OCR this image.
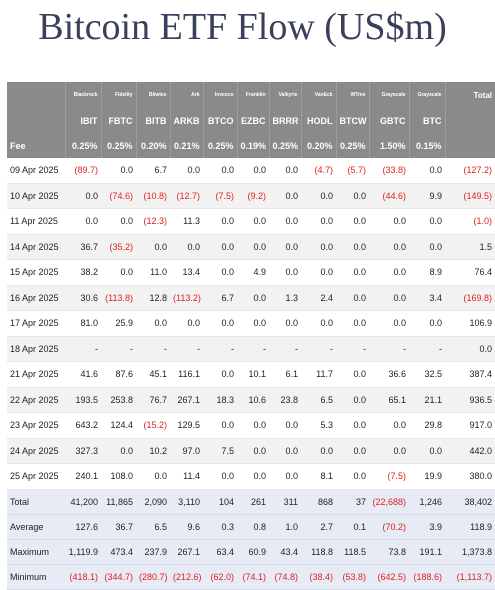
Bitcoin ETF Flow (US$m)
	Blackrock	Fidelity	Bitwise	Ark	Invesco	Franklin	Valkyrie	VanEck	WTree	Grayscale	Grayscale	Total
	IBIT	FBTC	BITB	ARKB	BTCO	EZBC	BRRR	HODL	BTCW	GBTC	BTC	
Fee	0.25%	0.25%	0.20%	0.21%	0.25%	0.19%	0.25%	0.20%	0.25%	1.50%	0.15%	
09 Apr 2025	(89.7)	0.0	6.7	0.0	0.0	0.0	0.0	(4.7)	(5.7)	(33.8)	0.0	(127.2)
10 Apr 2025	0.0	(74.6)	(10.8)	(12.7)	(7.5)	(9.2)	0.0	0.0	0.0	(44.6)	9.9	(149.5)
11 Apr 2025	0.0	0.0	(12.3)	11.3	0.0	0.0	0.0	0.0	0.0	0.0	0.0	(1.0)
14 Apr 2025	36.7	(35.2)	0.0	0.0	0.0	0.0	0.0	0.0	0.0	0.0	0.0	1.5
15 Apr 2025	38.2	0.0	11.0	13.4	0.0	4.9	0.0	0.0	0.0	0.0	8.9	76.4
16 Apr 2025	30.6	(113.8)	12.8	(113.2)	6.7	0.0	1.3	2.4	0.0	0.0	3.4	(169.8)
17 Apr 2025	81.0	25.9	0.0	0.0	0.0	0.0	0.0	0.0	0.0	0.0	0.0	106.9
18 Apr 2025	-	-	-	-	-	-	-	-	-	-	-	0.0
21 Apr 2025	41.6	87.6	45.1	116.1	0.0	10.1	6.1	11.7	0.0	36.6	32.5	387.4
22 Apr 2025	193.5	253.8	76.7	267.1	18.3	10.6	23.8	6.5	0.0	65.1	21.1	936.5
23 Apr 2025	643.2	124.4	(15.2)	129.5	0.0	0.0	0.0	5.3	0.0	0.0	29.8	917.0
24 Apr 2025	327.3	0.0	10.2	97.0	7.5	0.0	0.0	0.0	0.0	0.0	0.0	442.0
25 Apr 2025	240.1	108.0	0.0	11.4	0.0	0.0	0.0	8.1	0.0	(7.5)	19.9	380.0
Total	41,200	11,865	2,090	3,110	104	261	311	868	37	(22,688)	1,246	38,402
Average	127.6	36.7	6.5	9.6	0.3	0.8	1.0	2.7	0.1	(70.2)	3.9	118.9
Maximum	1,119.9	473.4	237.9	267.1	63.4	60.9	43.4	118.8	118.5	73.8	191.1	1,373.8
Minimum	(418.1)	(344.7)	(280.7)	(212.6)	(62.0)	(74.1)	(74.8)	(38.4)	(53.8)	(642.5)	(188.6)	(1,113.7)
